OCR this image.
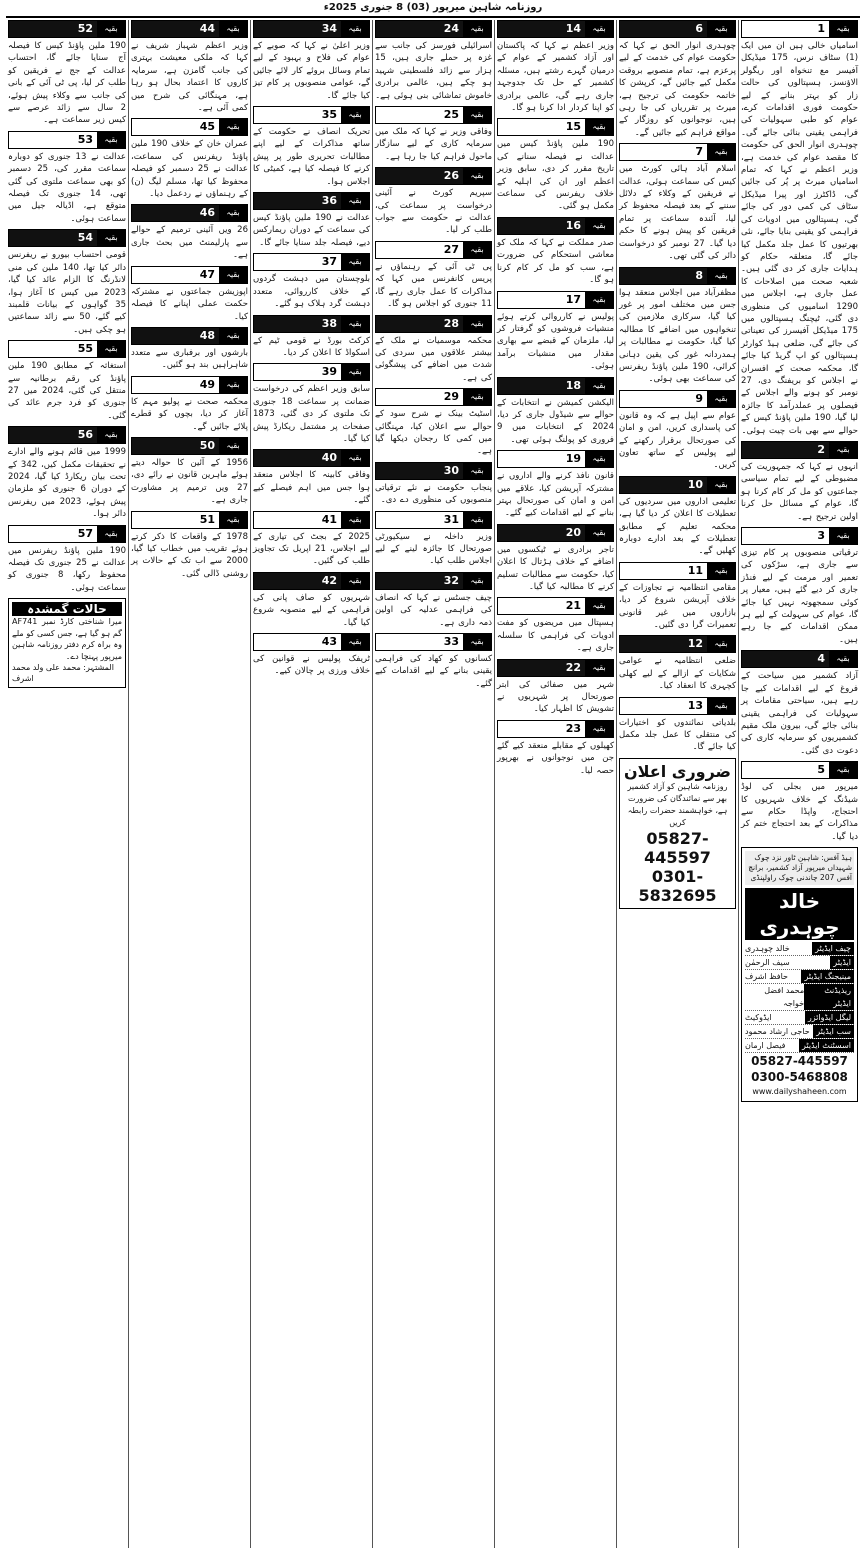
روزنامہ شاہین میرپور (03) 8 جنوری 2025ء
بقیہ
1
اسامیاں خالی ہیں ان میں ایک (1) سٹاف نرس، 175 میڈیکل آفیسر مع تنخواہ اور ریگولر الاؤنسز، ہسپتالوں کی حالت زار کو بہتر بنانے کے لیے حکومت فوری اقدامات کرے، عوام کو طبی سہولیات کی فراہمی یقینی بنائی جائے گی۔ چوہدری انوار الحق کی حکومت کا مقصد عوام کی خدمت ہے، وزیر اعظم نے کہا کہ تمام اسامیاں میرٹ پر پُر کی جائیں گی، ڈاکٹرز اور پیرا میڈیکل سٹاف کی کمی دور کی جائے گی، ہسپتالوں میں ادویات کی فراہمی کو یقینی بنایا جائے، نئی بھرتیوں کا عمل جلد مکمل کیا جائے گا، متعلقہ حکام کو ہدایات جاری کر دی گئی ہیں۔ شعبہ صحت میں اصلاحات کا عمل جاری ہے، اجلاس میں 1290 اسامیوں کی منظوری دی گئی، ٹیچنگ ہسپتالوں میں 175 میڈیکل آفیسرز کی تعیناتی کی جائے گی، ضلعی ہیڈ کوارٹر ہسپتالوں کو اپ گریڈ کیا جائے گا، محکمہ صحت کے افسران نے اجلاس کو بریفنگ دی، 27 نومبر کو ہونے والے اجلاس کے فیصلوں پر عملدرآمد کا جائزہ لیا گیا، 190 ملین پاؤنڈ کیس کے حوالے سے بھی بات چیت ہوئی۔
بقیہ
2
انہوں نے کہا کہ جمہوریت کی مضبوطی کے لیے تمام سیاسی جماعتوں کو مل کر کام کرنا ہو گا، عوام کے مسائل حل کرنا اولین ترجیح ہے۔
بقیہ
3
ترقیاتی منصوبوں پر کام تیزی سے جاری ہے، سڑکوں کی تعمیر اور مرمت کے لیے فنڈز جاری کر دیے گئے ہیں، معیار پر کوئی سمجھوتہ نہیں کیا جائے گا، عوام کی سہولت کے لیے ہر ممکن اقدامات کیے جا رہے ہیں۔
بقیہ
4
آزاد کشمیر میں سیاحت کے فروغ کے لیے اقدامات کیے جا رہے ہیں، سیاحتی مقامات پر سہولیات کی فراہمی یقینی بنائی جائے گی، بیرون ملک مقیم کشمیریوں کو سرمایہ کاری کی دعوت دی گئی۔
بقیہ
5
میرپور میں بجلی کی لوڈ شیڈنگ کے خلاف شہریوں کا احتجاج، واپڈا حکام سے مذاکرات کے بعد احتجاج ختم کر دیا گیا۔
ہیڈ آفس: شاہین ٹاور نزد چوک شہیداں میرپور آزاد کشمیر، برانچ آفس 207 چاندنی چوک راولپنڈی
خالد چوہدری
چیف ایڈیٹر
خالد چوہدری
ایڈیٹر
سیف الرحمٰن
مینیجنگ ایڈیٹر
حافظ اشرف
ریذیڈنٹ ایڈیٹر
محمد افضل خواجہ
لیگل ایڈوائزر
ایڈوکیٹ
سب ایڈیٹر
حاجی ارشاد محمود
اسسٹنٹ ایڈیٹر
فیصل ارمان
05827-445597
0300-5468808
www.dailyshaheen.com
بقیہ
6
چوہدری انوار الحق نے کہا کہ حکومت عوام کی خدمت کے لیے پرعزم ہے، تمام منصوبے بروقت مکمل کیے جائیں گے، کرپشن کا خاتمہ حکومت کی ترجیح ہے، میرٹ پر تقرریاں کی جا رہی ہیں، نوجوانوں کو روزگار کے مواقع فراہم کیے جائیں گے۔
بقیہ
7
اسلام آباد ہائی کورٹ میں کیس کی سماعت ہوئی، عدالت نے فریقین کے وکلاء کے دلائل سننے کے بعد فیصلہ محفوظ کر لیا، آئندہ سماعت پر تمام فریقین کو پیش ہونے کا حکم دیا گیا۔ 27 نومبر کو درخواست دائر کی گئی تھی۔
بقیہ
8
مظفرآباد میں اجلاس منعقد ہوا جس میں مختلف امور پر غور کیا گیا، سرکاری ملازمین کی تنخواہوں میں اضافے کا مطالبہ کیا گیا، حکومت نے مطالبات پر ہمدردانہ غور کی یقین دہانی کرائی، 190 ملین پاؤنڈ ریفرنس کی سماعت بھی ہوئی۔
بقیہ
9
عوام سے اپیل ہے کہ وہ قانون کی پاسداری کریں، امن و امان کی صورتحال برقرار رکھنے کے لیے پولیس کے ساتھ تعاون کریں۔
بقیہ
10
تعلیمی اداروں میں سردیوں کی تعطیلات کا اعلان کر دیا گیا ہے، محکمہ تعلیم کے مطابق تعطیلات کے بعد ادارے دوبارہ کھلیں گے۔
بقیہ
11
مقامی انتظامیہ نے تجاوزات کے خلاف آپریشن شروع کر دیا، بازاروں میں غیر قانونی تعمیرات گرا دی گئیں۔
بقیہ
12
ضلعی انتظامیہ نے عوامی شکایات کے ازالے کے لیے کھلی کچہری کا انعقاد کیا۔
بقیہ
13
بلدیاتی نمائندوں کو اختیارات کی منتقلی کا عمل جلد مکمل کیا جائے گا۔
ضروری اعلان
روزنامہ شاہین کو آزاد کشمیر بھر سے نمائندگان کی ضرورت ہے، خواہشمند حضرات رابطہ کریں
05827-445597
0301-5832695
بقیہ
14
وزیر اعظم نے کہا کہ پاکستان اور آزاد کشمیر کے عوام کے درمیان گہرے رشتے ہیں، مسئلہ کشمیر کے حل تک جدوجہد جاری رہے گی، عالمی برادری کو اپنا کردار ادا کرنا ہو گا۔
بقیہ
15
190 ملین پاؤنڈ کیس میں عدالت نے فیصلہ سنانے کی تاریخ مقرر کر دی، سابق وزیر اعظم اور ان کی اہلیہ کے خلاف ریفرنس کی سماعت مکمل ہو گئی۔
بقیہ
16
صدر مملکت نے کہا کہ ملک کو معاشی استحکام کی ضرورت ہے، سب کو مل کر کام کرنا ہو گا۔
بقیہ
17
پولیس نے کارروائی کرتے ہوئے منشیات فروشوں کو گرفتار کر لیا، ملزمان کے قبضے سے بھاری مقدار میں منشیات برآمد ہوئی۔
بقیہ
18
الیکشن کمیشن نے انتخابات کے حوالے سے شیڈول جاری کر دیا، 2024 کے انتخابات میں 9 فروری کو پولنگ ہوئی تھی۔
بقیہ
19
قانون نافذ کرنے والے اداروں نے مشترکہ آپریشن کیا، علاقے میں امن و امان کی صورتحال بہتر بنانے کے لیے اقدامات کیے گئے۔
بقیہ
20
تاجر برادری نے ٹیکسوں میں اضافے کے خلاف ہڑتال کا اعلان کیا، حکومت سے مطالبات تسلیم کرنے کا مطالبہ کیا گیا۔
بقیہ
21
ہسپتال میں مریضوں کو مفت ادویات کی فراہمی کا سلسلہ جاری ہے۔
بقیہ
22
شہر میں صفائی کی ابتر صورتحال پر شہریوں نے تشویش کا اظہار کیا۔
بقیہ
23
کھیلوں کے مقابلے منعقد کیے گئے جن میں نوجوانوں نے بھرپور حصہ لیا۔
بقیہ
24
اسرائیلی فورسز کی جانب سے غزہ پر حملے جاری ہیں، 15 ہزار سے زائد فلسطینی شہید ہو چکے ہیں، عالمی برادری خاموش تماشائی بنی ہوئی ہے۔
بقیہ
25
وفاقی وزیر نے کہا کہ ملک میں سرمایہ کاری کے لیے سازگار ماحول فراہم کیا جا رہا ہے۔
بقیہ
26
سپریم کورٹ نے آئینی درخواست پر سماعت کی، عدالت نے حکومت سے جواب طلب کر لیا۔
بقیہ
27
پی ٹی آئی کے رہنماؤں نے پریس کانفرنس میں کہا کہ مذاکرات کا عمل جاری رہے گا، 11 جنوری کو اجلاس ہو گا۔
بقیہ
28
محکمہ موسمیات نے ملک کے بیشتر علاقوں میں سردی کی شدت میں اضافے کی پیشگوئی کی ہے۔
بقیہ
29
اسٹیٹ بینک نے شرح سود کے حوالے سے اعلان کیا، مہنگائی میں کمی کا رجحان دیکھا گیا ہے۔
بقیہ
30
پنجاب حکومت نے نئے ترقیاتی منصوبوں کی منظوری دے دی۔
بقیہ
31
وزیر داخلہ نے سیکیورٹی صورتحال کا جائزہ لینے کے لیے اجلاس طلب کیا۔
بقیہ
32
چیف جسٹس نے کہا کہ انصاف کی فراہمی عدلیہ کی اولین ذمہ داری ہے۔
بقیہ
33
کسانوں کو کھاد کی فراہمی یقینی بنانے کے لیے اقدامات کیے گئے۔
بقیہ
34
وزیر اعلیٰ نے کہا کہ صوبے کے عوام کی فلاح و بہبود کے لیے تمام وسائل بروئے کار لائے جائیں گے، عوامی منصوبوں پر کام تیز کیا جائے گا۔
بقیہ
35
تحریک انصاف نے حکومت کے ساتھ مذاکرات کے لیے اپنے مطالبات تحریری طور پر پیش کرنے کا فیصلہ کیا ہے، کمیٹی کا اجلاس ہوا۔
بقیہ
36
عدالت نے 190 ملین پاؤنڈ کیس کی سماعت کے دوران ریمارکس دیے، فیصلہ جلد سنایا جائے گا۔
بقیہ
37
بلوچستان میں دہشت گردوں کے خلاف کارروائی، متعدد دہشت گرد ہلاک ہو گئے۔
بقیہ
38
کرکٹ بورڈ نے قومی ٹیم کے اسکواڈ کا اعلان کر دیا۔
بقیہ
39
سابق وزیر اعظم کی درخواست ضمانت پر سماعت 18 جنوری تک ملتوی کر دی گئی، 1873 صفحات پر مشتمل ریکارڈ پیش کیا گیا۔
بقیہ
40
وفاقی کابینہ کا اجلاس منعقد ہوا جس میں اہم فیصلے کیے گئے۔
بقیہ
41
2025 کے بجٹ کی تیاری کے لیے اجلاس، 21 اپریل تک تجاویز طلب کی گئیں۔
بقیہ
42
شہریوں کو صاف پانی کی فراہمی کے لیے منصوبہ شروع کیا گیا۔
بقیہ
43
ٹریفک پولیس نے قوانین کی خلاف ورزی پر چالان کیے۔
بقیہ
44
وزیر اعظم شہباز شریف نے کہا کہ ملکی معیشت بہتری کی جانب گامزن ہے، سرمایہ کاروں کا اعتماد بحال ہو رہا ہے، مہنگائی کی شرح میں کمی آئی ہے۔
بقیہ
45
عمران خان کے خلاف 190 ملین پاؤنڈ ریفرنس کی سماعت، عدالت نے 25 دسمبر کو فیصلہ محفوظ کیا تھا، مسلم لیگ (ن) کے رہنماؤں نے ردعمل دیا۔
بقیہ
46
26 ویں آئینی ترمیم کے حوالے سے پارلیمنٹ میں بحث جاری ہے۔
بقیہ
47
اپوزیشن جماعتوں نے مشترکہ حکمت عملی اپنانے کا فیصلہ کیا۔
بقیہ
48
بارشوں اور برفباری سے متعدد شاہراہیں بند ہو گئیں۔
بقیہ
49
محکمہ صحت نے پولیو مہم کا آغاز کر دیا، بچوں کو قطرے پلائے جائیں گے۔
بقیہ
50
1956 کے آئین کا حوالہ دیتے ہوئے ماہرین قانون نے رائے دی، 27 ویں ترمیم پر مشاورت جاری ہے۔
بقیہ
51
1978 کے واقعات کا ذکر کرتے ہوئے تقریب میں خطاب کیا گیا، 2000 سے اب تک کے حالات پر روشنی ڈالی گئی۔
بقیہ
52
190 ملین پاؤنڈ کیس کا فیصلہ آج سنایا جائے گا، احتساب عدالت کے جج نے فریقین کو طلب کر لیا، پی ٹی آئی کے بانی کی جانب سے وکلاء پیش ہوئے، 2 سال سے زائد عرصے سے کیس زیر سماعت ہے۔
بقیہ
53
عدالت نے 13 جنوری کو دوبارہ سماعت مقرر کی، 25 دسمبر کو بھی سماعت ملتوی کی گئی تھی، 14 جنوری تک فیصلہ متوقع ہے، اڈیالہ جیل میں سماعت ہوئی۔
بقیہ
54
قومی احتساب بیورو نے ریفرنس دائر کیا تھا، 140 ملین کی منی لانڈرنگ کا الزام عائد کیا گیا، 2023 میں کیس کا آغاز ہوا، 35 گواہوں کے بیانات قلمبند کیے گئے، 50 سے زائد سماعتیں ہو چکی ہیں۔
بقیہ
55
استغاثہ کے مطابق 190 ملین پاؤنڈ کی رقم برطانیہ سے منتقل کی گئی، 2024 میں 27 جنوری کو فرد جرم عائد کی گئی۔
بقیہ
56
1999 میں قائم ہونے والے ادارے نے تحقیقات مکمل کیں، 342 کے تحت بیان ریکارڈ کیا گیا، 2024 کے دوران 6 جنوری کو ملزمان پیش ہوئے، 2023 میں ریفرنس دائر ہوا۔
بقیہ
57
190 ملین پاؤنڈ ریفرنس میں عدالت نے 25 جنوری تک فیصلہ محفوظ رکھا، 8 جنوری کو سماعت ہوئی۔
حالات گمشدہ
میرا شناختی کارڈ نمبر AF741 گم ہو گیا ہے، جس کسی کو ملے وہ براہ کرم دفتر روزنامہ شاہین میرپور پہنچا دے۔
المشتہر: محمد علی ولد محمد اشرف
